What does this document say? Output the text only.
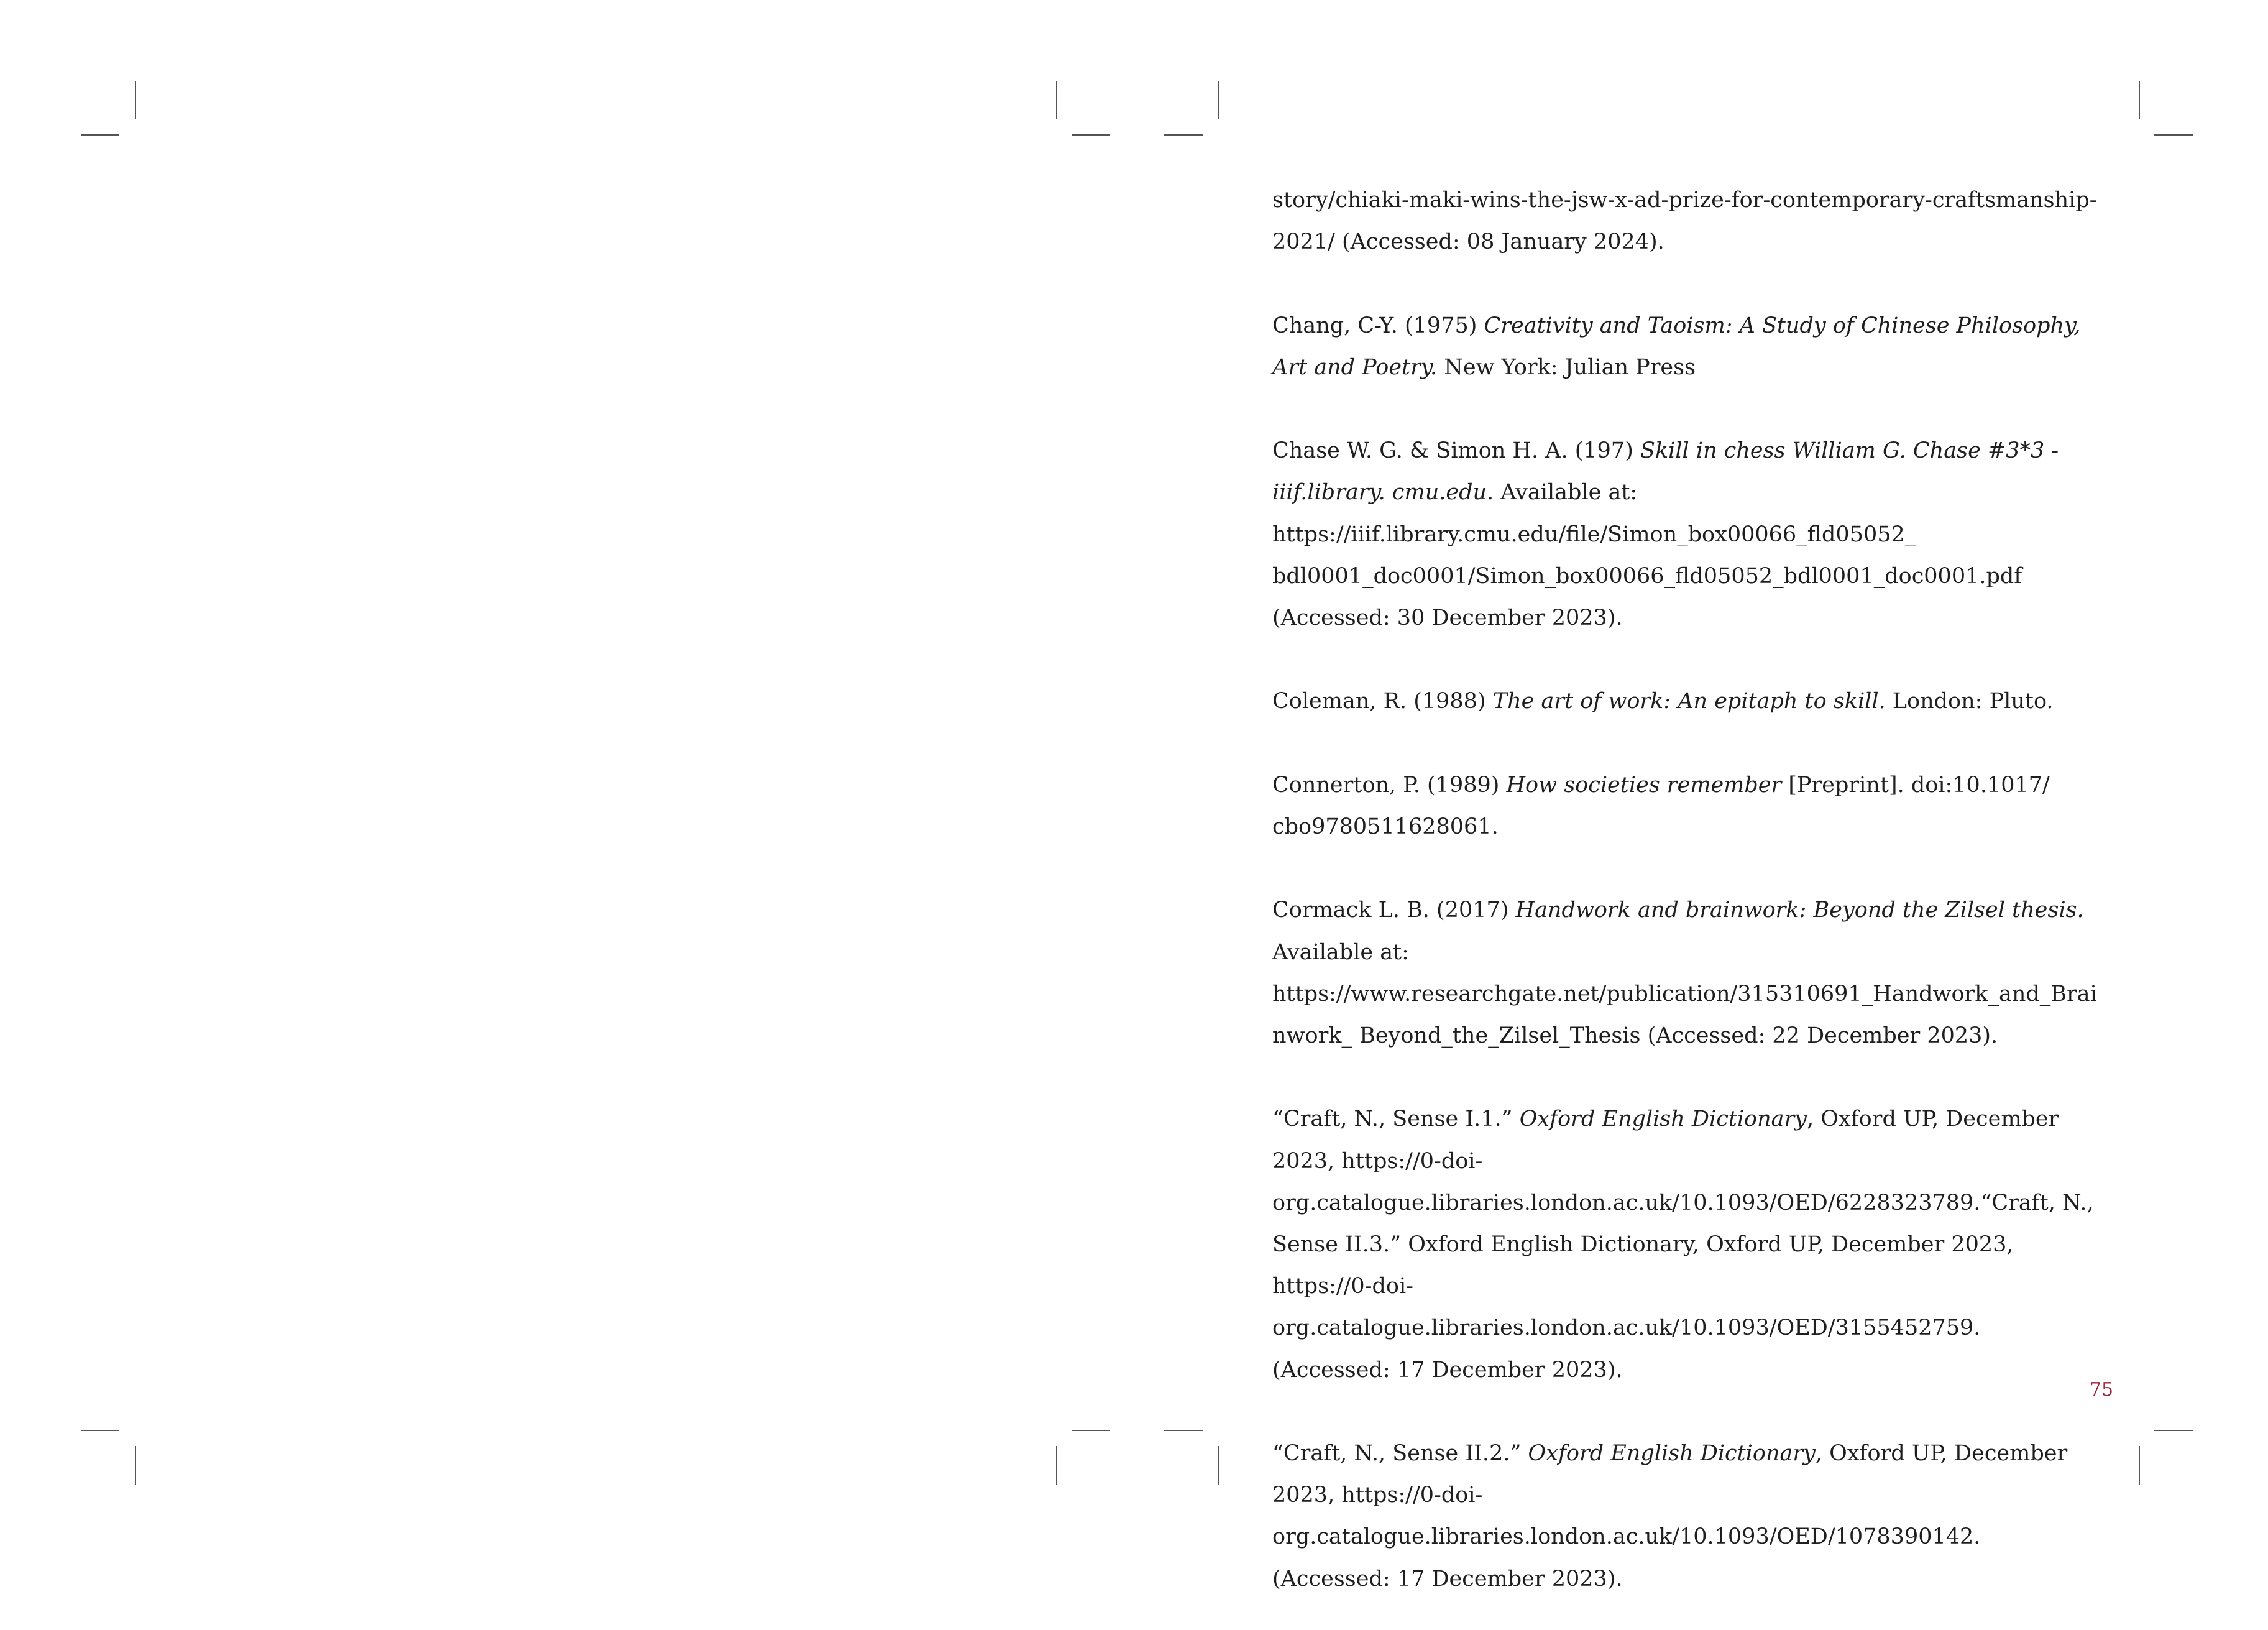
story/chiaki-maki-wins-the-jsw-x-ad-prize-for-contemporary-craftsmanship-2021/ (Accessed: 08 January 2024).
Chang, C-Y. (1975) Creativity and Taoism: A Study of Chinese Philosophy, Art and Poetry. New York: Julian Press
Chase W. G. & Simon H. A. (197) Skill in chess William G. Chase #3*3 - iiif.library. cmu.edu. Available at: https://iiif.library.cmu.edu/file/Simon_box00066_fld05052_ bdl0001_doc0001/Simon_box00066_fld05052_bdl0001_doc0001.pdf (Accessed: 30 December 2023).
Coleman, R. (1988) The art of work: An epitaph to skill. London: Pluto.
Connerton, P. (1989) How societies remember [Preprint]. doi:10.1017/ cbo9780511628061.
Cormack L. B. (2017) Handwork and brainwork: Beyond the Zilsel thesis. Available at: https://www.researchgate.net/publication/315310691_Handwork_and_Brainwork_ Beyond_the_Zilsel_Thesis (Accessed: 22 December 2023).
“Craft, N., Sense I.1.” Oxford English Dictionary, Oxford UP, December 2023, https://0-doi-org.catalogue.libraries.london.ac.uk/10.1093/OED/6228323789.“Craft, N., Sense II.3.” Oxford English Dictionary, Oxford UP, December 2023, https://0-doi-org.catalogue.libraries.london.ac.uk/10.1093/OED/3155452759. (Accessed: 17 December 2023).
“Craft, N., Sense II.2.” Oxford English Dictionary, Oxford UP, December 2023, https://0-doi-org.catalogue.libraries.london.ac.uk/10.1093/OED/1078390142. (Accessed: 17 December 2023).
75
